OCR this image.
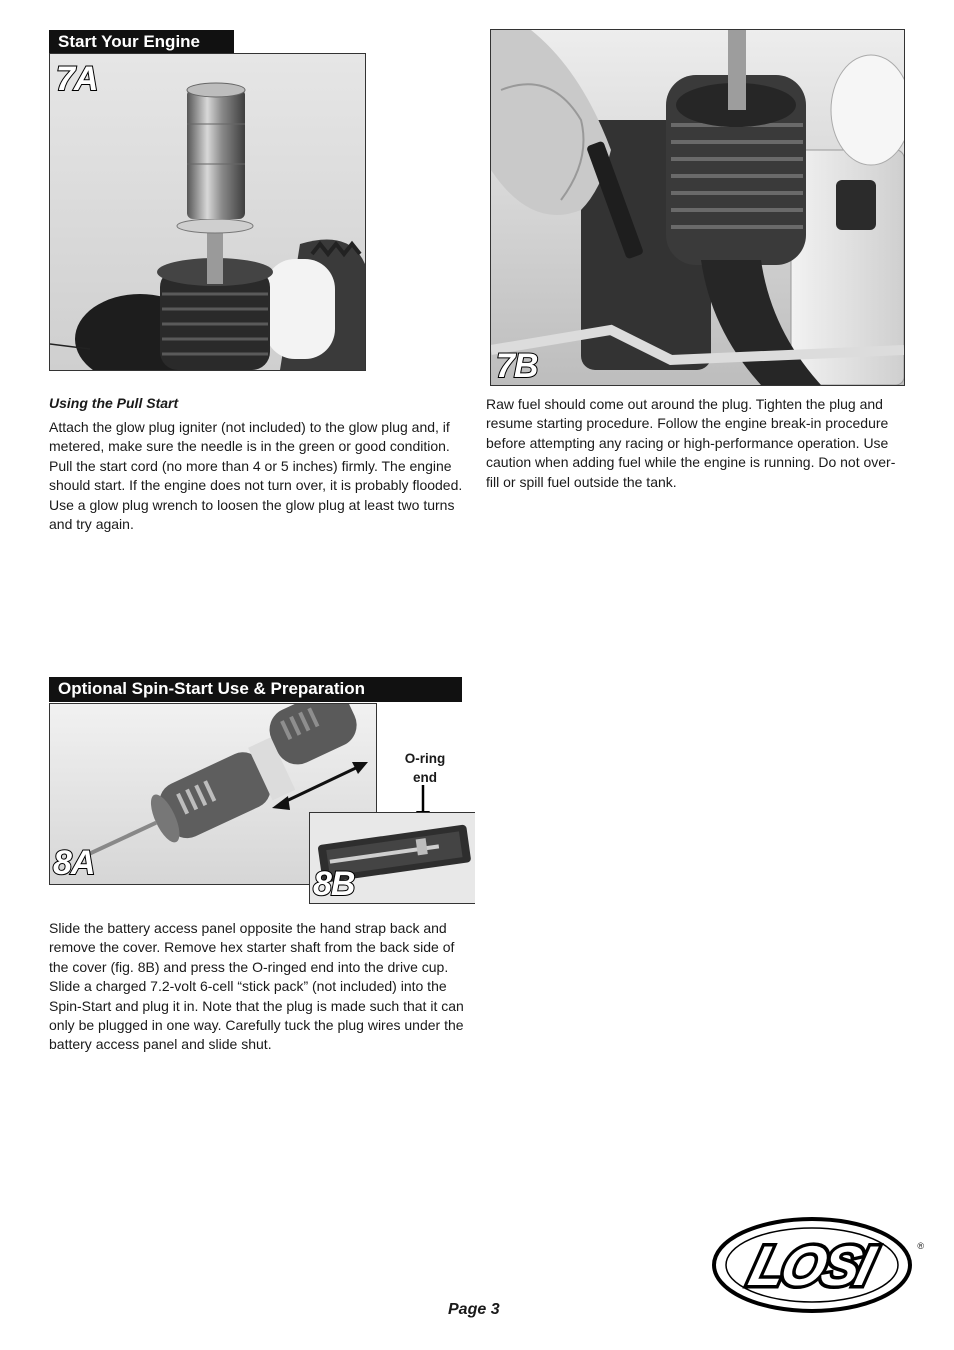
Start Your Engine
7A
7B
Using the Pull Start

Attach the glow plug igniter (not included) to the glow plug and, if metered, make sure the needle is in the green or good condition. Pull the start cord (no more than 4 or 5 inches) firmly. The engine should start. If the engine does not turn over, it is probably flooded. Use a glow plug wrench to loosen the glow plug at least two turns and try again.

Raw fuel should come out around the plug. Tighten the plug and resume starting procedure. Follow the engine break-in procedure before attempting any racing or high-performance operation. Use caution when adding fuel while the engine is running. Do not over-fill or spill fuel outside the tank.

Optional Spin-Start Use & Preparation
8A
O-ring end
8B

Slide the battery access panel opposite the hand strap back and remove the cover. Remove hex starter shaft from the back side of the cover (fig. 8B) and press the O-ringed end into the drive cup. Slide a charged 7.2-volt 6-cell “stick pack” (not included) into the Spin-Start and plug it in. Note that the plug is made such that it can only be plugged in one way. Carefully tuck the plug wires under the battery access panel and slide shut.

LOSI	®
Page 3
